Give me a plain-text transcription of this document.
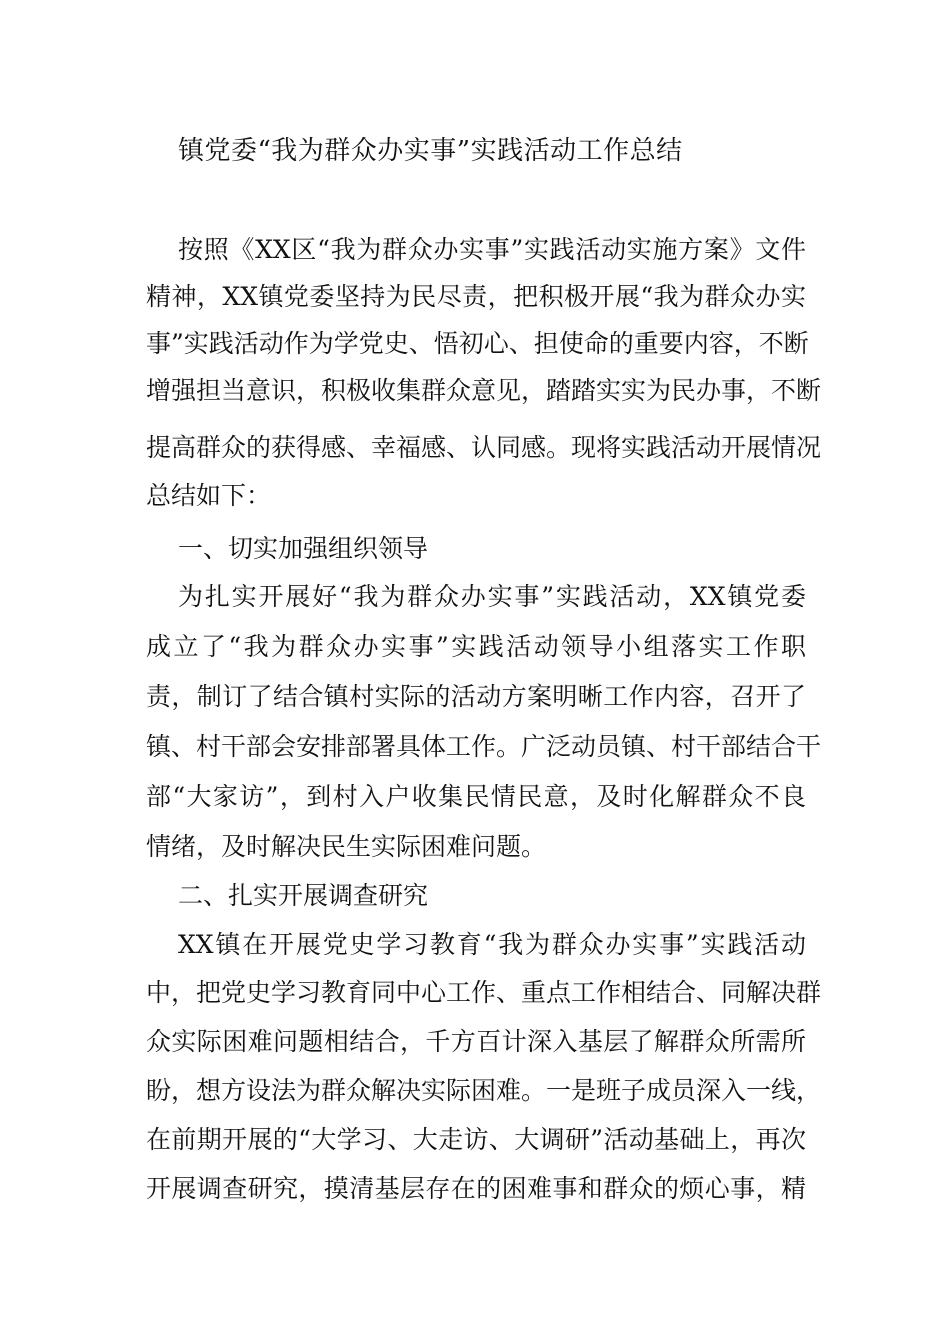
镇党委“我为群众办实事”实践活动工作总结
按照《XX区“我为群众办实事”实践活动实施方案》文件
精神，XX镇党委坚持为民尽责，把积极开展“我为群众办实
事”实践活动作为学党史、悟初心、担使命的重要内容，不断
增强担当意识，积极收集群众意见，踏踏实实为民办事，不断
提高群众的获得感、幸福感、认同感。现将实践活动开展情况
总结如下：
一、切实加强组织领导
为扎实开展好“我为群众办实事”实践活动，XX镇党委
成立了“我为群众办实事”实践活动领导小组落实工作职
责，制订了结合镇村实际的活动方案明晰工作内容，召开了
镇、村干部会安排部署具体工作。广泛动员镇、村干部结合干
部“大家访”，到村入户收集民情民意，及时化解群众不良
情绪，及时解决民生实际困难问题。
二、扎实开展调查研究
XX镇在开展党史学习教育“我为群众办实事”实践活动
中，把党史学习教育同中心工作、重点工作相结合、同解决群
众实际困难问题相结合，千方百计深入基层了解群众所需所
盼，想方设法为群众解决实际困难。一是班子成员深入一线，
在前期开展的“大学习、大走访、大调研”活动基础上，再次
开展调查研究，摸清基层存在的困难事和群众的烦心事，精
